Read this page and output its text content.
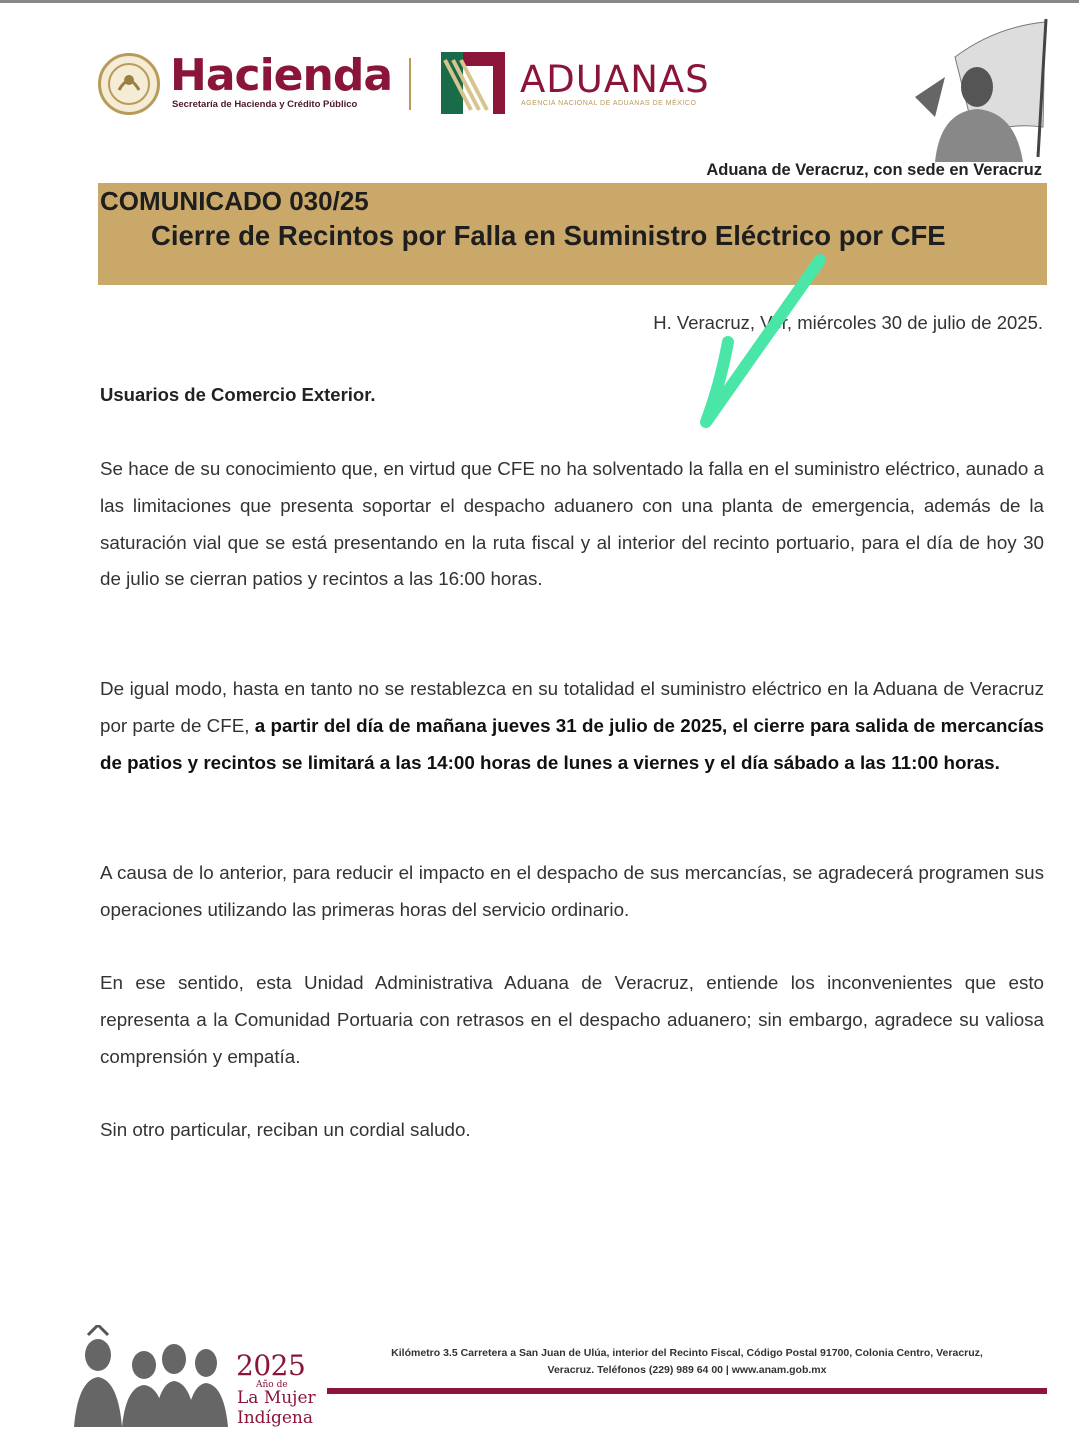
Hacienda
Secretaría de Hacienda y Crédito Público
ADUANAS
AGENCIA NACIONAL DE ADUANAS DE MÉXICO
Aduana de Veracruz, con sede en Veracruz
COMUNICADO 030/25
Cierre de Recintos por Falla en Suministro Eléctrico por CFE
H. Veracruz, Ver, miércoles 30 de julio de 2025.
Usuarios de Comercio Exterior.
Se hace de su conocimiento que, en virtud que CFE no ha solventado la falla en el suministro eléctrico, aunado a las limitaciones que presenta soportar el despacho aduanero con una planta de emergencia, además de la saturación vial que se está presentando en la ruta fiscal y al interior del recinto portuario, para el día de hoy 30 de julio se cierran patios y recintos a las 16:00 horas.
De igual modo, hasta en tanto no se restablezca en su totalidad el suministro eléctrico en la Aduana de Veracruz por parte de CFE, a partir del día de mañana jueves 31 de julio de 2025, el cierre para salida de mercancías de patios y recintos se limitará a las 14:00 horas de lunes a viernes y el día sábado a las 11:00 horas.
A causa de lo anterior, para reducir el impacto en el despacho de sus mercancías, se agradecerá programen sus operaciones utilizando las primeras horas del servicio ordinario.
En ese sentido, esta Unidad Administrativa Aduana de Veracruz, entiende los inconvenientes que esto representa a la Comunidad Portuaria con retrasos en el despacho aduanero; sin embargo, agradece su valiosa comprensión y empatía.
Sin otro particular, reciban un cordial saludo.
2025
Año de
La Mujer
Indígena
Kilómetro 3.5 Carretera a San Juan de Ulúa, interior del Recinto Fiscal, Código Postal 91700, Colonia Centro, Veracruz,
Veracruz. Teléfonos (229) 989 64 00 | www.anam.gob.mx
